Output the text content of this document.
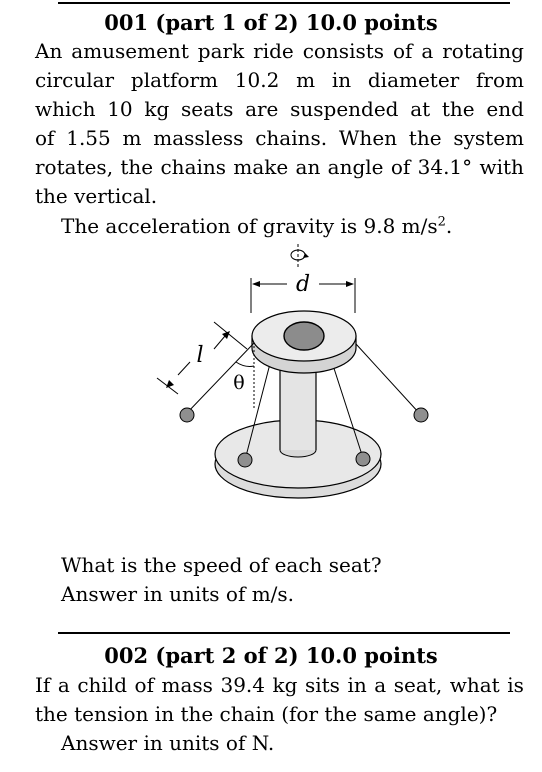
001 (part 1 of 2) 10.0 points
An amusement park ride consists of a rotating
circular platform 10.2 m in diameter from
which 10 kg seats are suspended at the end
of 1.55 m massless chains. When the system
rotates, the chains make an angle of 34.1° with
the vertical.
The acceleration of gravity is 9.8 $m/s^2$.
d
θ
l
What is the speed of each seat?
Answer in units of m/s.
002 (part 2 of 2) 10.0 points
If a child of mass 39.4 kg sits in a seat, what is
the tension in the chain (for the same angle)?
Answer in units of N.
